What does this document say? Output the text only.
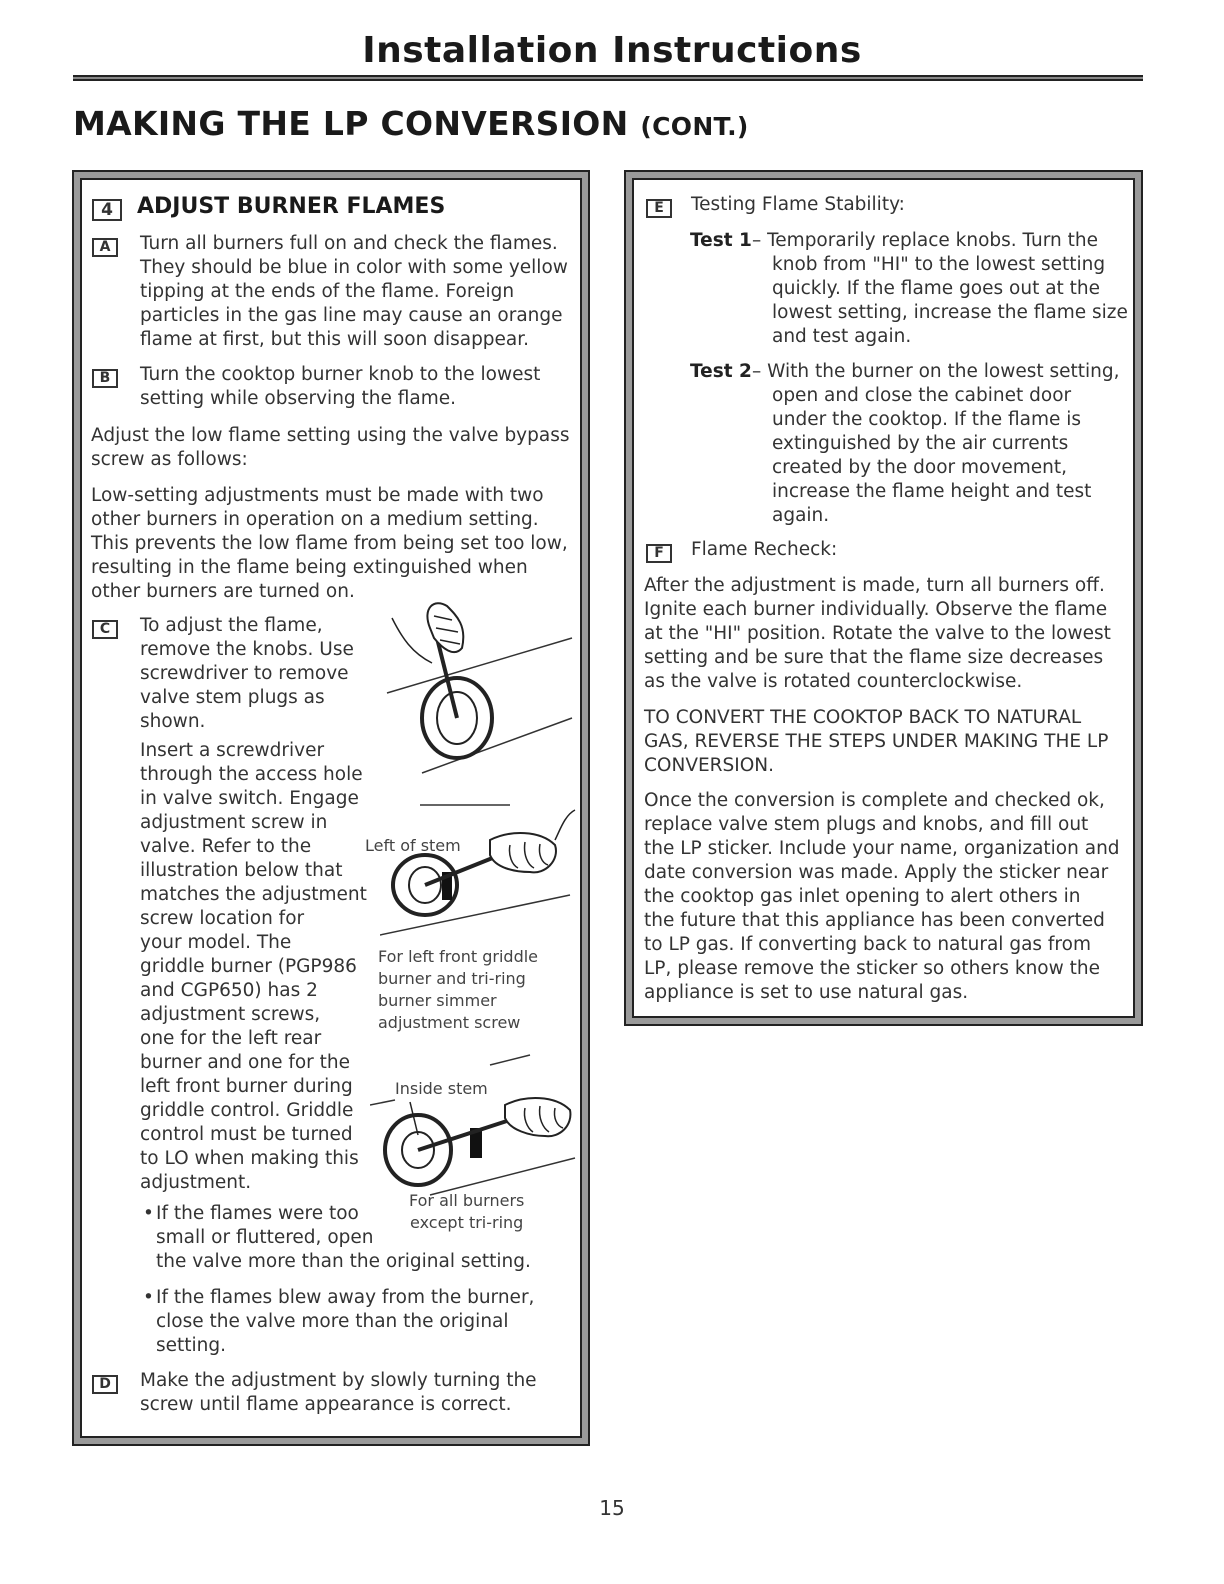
Installation Instructions
MAKING THE LP CONVERSION (CONT.)
4	ADJUST BURNER FLAMES
A	Turn all burners full on and check the flames.
They should be blue in color with some yellow
tipping at the ends of the flame. Foreign
particles in the gas line may cause an orange
flame at first, but this will soon disappear.
B	Turn the cooktop burner knob to the lowest
setting while observing the flame.
Adjust the low flame setting using the valve bypass
screw as follows:
Low-setting adjustments must be made with two
other burners in operation on a medium setting.
This prevents the low flame from being set too low,
resulting in the flame being extinguished when
other burners are turned on.
C	To adjust the flame,
remove the knobs. Use
screwdriver to remove
valve stem plugs as
shown.
Insert a screwdriver
through the access hole
in valve switch. Engage
adjustment screw in
valve. Refer to the
illustration below that
matches the adjustment
screw location for
your model. The
griddle burner (PGP986
and CGP650) has 2
adjustment screws,
one for the left rear
burner and one for the
left front burner during
griddle control. Griddle
control must be turned
to LO when making this
adjustment.
• If the flames were too
small or fluttered, open
the valve more than the original setting.
• If the flames blew away from the burner,
close the valve more than the original
setting.
D	Make the adjustment by slowly turning the
screw until flame appearance is correct.
Left of stem
For left front griddle
burner and tri-ring
burner simmer
adjustment screw
Inside stem
For all burners
except tri-ring
E	Testing Flame Stability:
Test 1 – Temporarily replace knobs. Turn the
knob from "HI" to the lowest setting
quickly. If the flame goes out at the
lowest setting, increase the flame size
and test again.
Test 2 – With the burner on the lowest setting,
open and close the cabinet door
under the cooktop. If the flame is
extinguished by the air currents
created by the door movement,
increase the flame height and test
again.
F	Flame Recheck:
After the adjustment is made, turn all burners off.
Ignite each burner individually. Observe the flame
at the "HI" position. Rotate the valve to the lowest
setting and be sure that the flame size decreases
as the valve is rotated counterclockwise.
TO CONVERT THE COOKTOP BACK TO NATURAL
GAS, REVERSE THE STEPS UNDER MAKING THE LP
CONVERSION.
Once the conversion is complete and checked ok,
replace valve stem plugs and knobs, and fill out
the LP sticker. Include your name, organization and
date conversion was made. Apply the sticker near
the cooktop gas inlet opening to alert others in
the future that this appliance has been converted
to LP gas. If converting back to natural gas from
LP, please remove the sticker so others know the
appliance is set to use natural gas.
15
